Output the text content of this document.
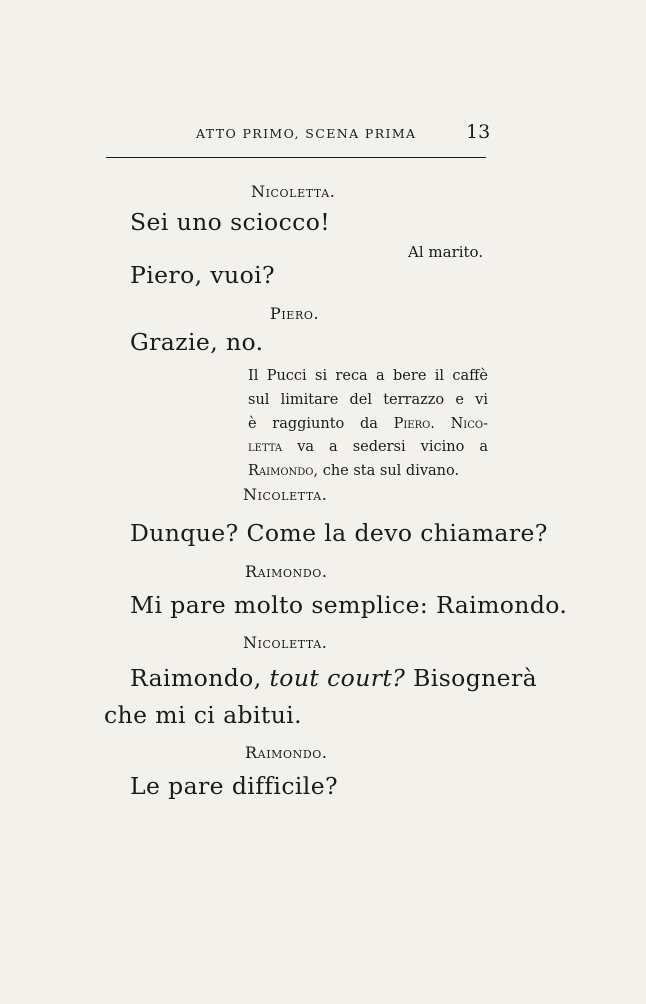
ATTO PRIMO, SCENA PRIMA	13
Nicoletta.
Sei uno sciocco!
Al marito.
Piero, vuoi?
Piero.
Grazie, no.
Il Pucci si reca a bere il caffè
sul limitare del terrazzo e vi
è raggiunto da Piero. Nico-
letta va a sedersi vicino a
Raimondo, che sta sul divano.
Nicoletta.
Dunque? Come la devo chiamare?
Raimondo.
Mi pare molto semplice: Raimondo.
Nicoletta.
Raimondo, tout court? Bisognerà
che mi ci abitui.
Raimondo.
Le pare difficile?
